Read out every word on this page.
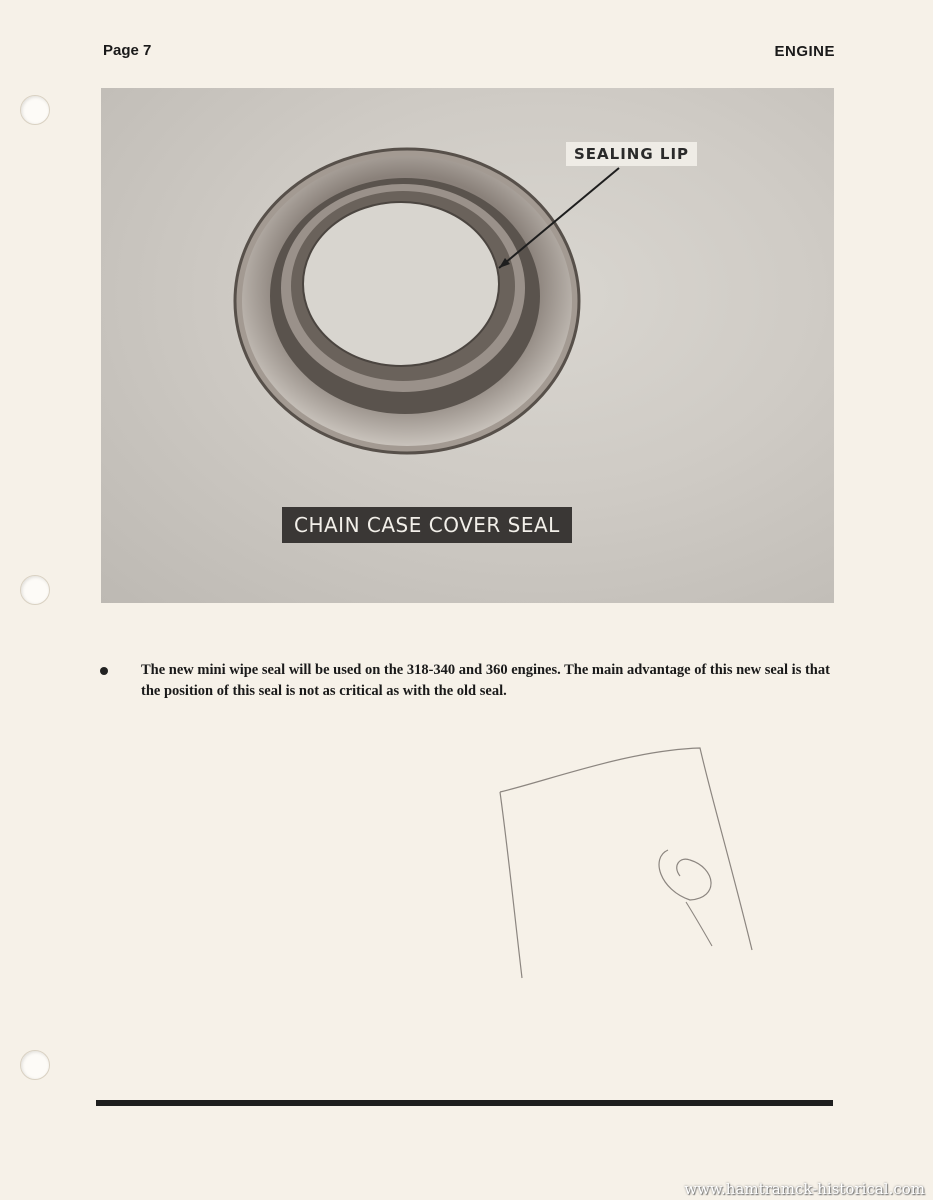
Page 7	ENGINE
SEALING LIP
CHAIN CASE COVER SEAL
The new mini wipe seal will be used on the 318-340 and 360 engines. The main advantage of this new seal is that the position of this seal is not as critical as with the old seal.
www.hamtramck-historical.com
